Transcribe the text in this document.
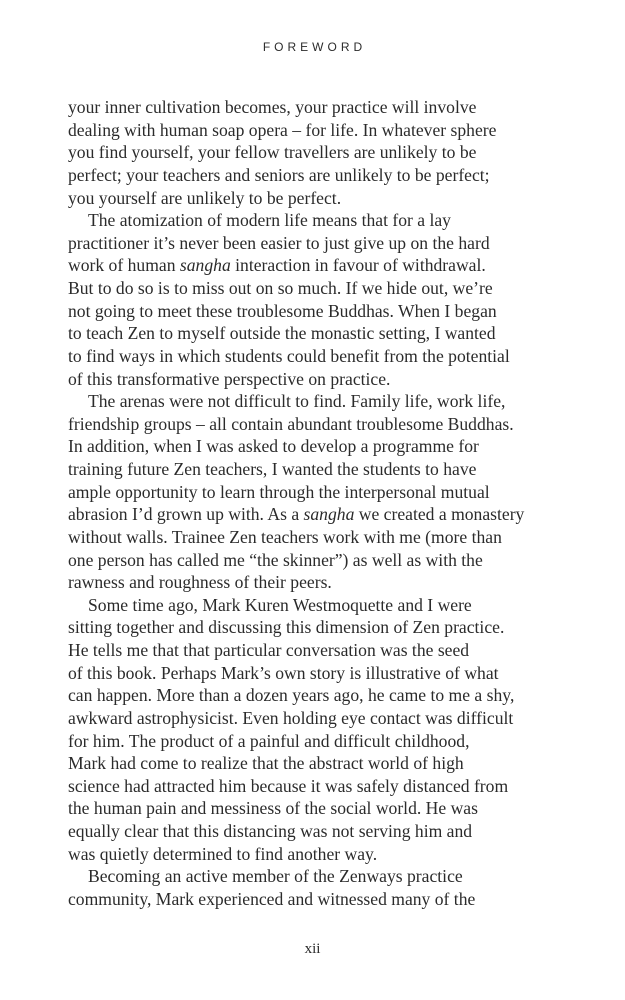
FOREWORD

your inner cultivation becomes, your practice will involve
dealing with human soap opera – for life. In whatever sphere
you find yourself, your fellow travellers are unlikely to be
perfect; your teachers and seniors are unlikely to be perfect;
you yourself are unlikely to be perfect.

The atomization of modern life means that for a lay
practitioner it’s never been easier to just give up on the hard
work of human sangha interaction in favour of withdrawal.
But to do so is to miss out on so much. If we hide out, we’re
not going to meet these troublesome Buddhas. When I began
to teach Zen to myself outside the monastic setting, I wanted
to find ways in which students could benefit from the potential
of this transformative perspective on practice.

The arenas were not difficult to find. Family life, work life,
friendship groups – all contain abundant troublesome Buddhas.
In addition, when I was asked to develop a programme for
training future Zen teachers, I wanted the students to have
ample opportunity to learn through the interpersonal mutual
abrasion I’d grown up with. As a sangha we created a monastery
without walls. Trainee Zen teachers work with me (more than
one person has called me “the skinner”) as well as with the
rawness and roughness of their peers.

Some time ago, Mark Kuren Westmoquette and I were
sitting together and discussing this dimension of Zen practice.
He tells me that that particular conversation was the seed
of this book. Perhaps Mark’s own story is illustrative of what
can happen. More than a dozen years ago, he came to me a shy,
awkward astrophysicist. Even holding eye contact was difficult
for him. The product of a painful and difficult childhood,
Mark had come to realize that the abstract world of high
science had attracted him because it was safely distanced from
the human pain and messiness of the social world. He was
equally clear that this distancing was not serving him and
was quietly determined to find another way.

Becoming an active member of the Zenways practice
community, Mark experienced and witnessed many of the

xii
